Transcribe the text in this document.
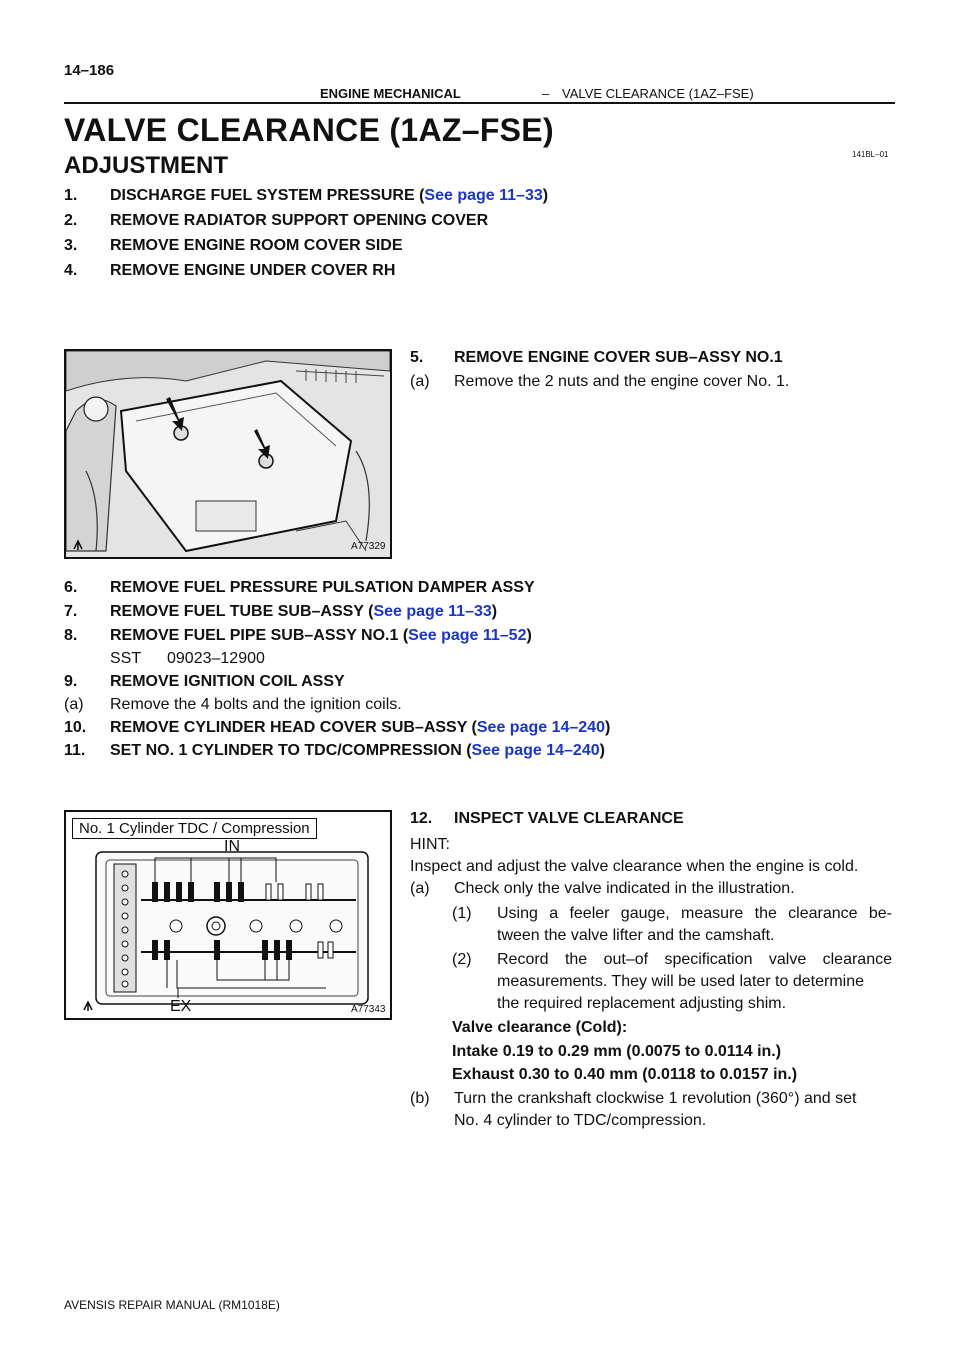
14–186
ENGINE MECHANICAL	– VALVE CLEARANCE (1AZ–FSE)
VALVE CLEARANCE (1AZ–FSE)
141BL–01
ADJUSTMENT
1. DISCHARGE FUEL SYSTEM PRESSURE (See page 11–33)
2. REMOVE RADIATOR SUPPORT OPENING COVER
3. REMOVE ENGINE ROOM COVER SIDE
4. REMOVE ENGINE UNDER COVER RH
A77329
5. REMOVE ENGINE COVER SUB–ASSY NO.1
(a) Remove the 2 nuts and the engine cover No. 1.
6. REMOVE FUEL PRESSURE PULSATION DAMPER ASSY
7. REMOVE FUEL TUBE SUB–ASSY (See page 11–33)
8. REMOVE FUEL PIPE SUB–ASSY NO.1 (See page 11–52)
SST 09023–12900
9. REMOVE IGNITION COIL ASSY
(a) Remove the 4 bolts and the ignition coils.
10. REMOVE CYLINDER HEAD COVER SUB–ASSY (See page 14–240)
11. SET NO. 1 CYLINDER TO TDC/COMPRESSION (See page 14–240)
No. 1 Cylinder TDC / Compression
IN
EX	A77343
12. INSPECT VALVE CLEARANCE
HINT:
Inspect and adjust the valve clearance when the engine is cold.
(a) Check only the valve indicated in the illustration.
(1) Using a feeler gauge, measure the clearance be-
tween the valve lifter and the camshaft.
(2) Record the out–of specification valve clearance
measurements. They will be used later to determine
the required replacement adjusting shim.
Valve clearance (Cold):
Intake 0.19 to 0.29 mm (0.0075 to 0.0114 in.)
Exhaust 0.30 to 0.40 mm (0.0118 to 0.0157 in.)
(b) Turn the crankshaft clockwise 1 revolution (360°) and set
No. 4 cylinder to TDC/compression.
AVENSIS REPAIR MANUAL (RM1018E)
